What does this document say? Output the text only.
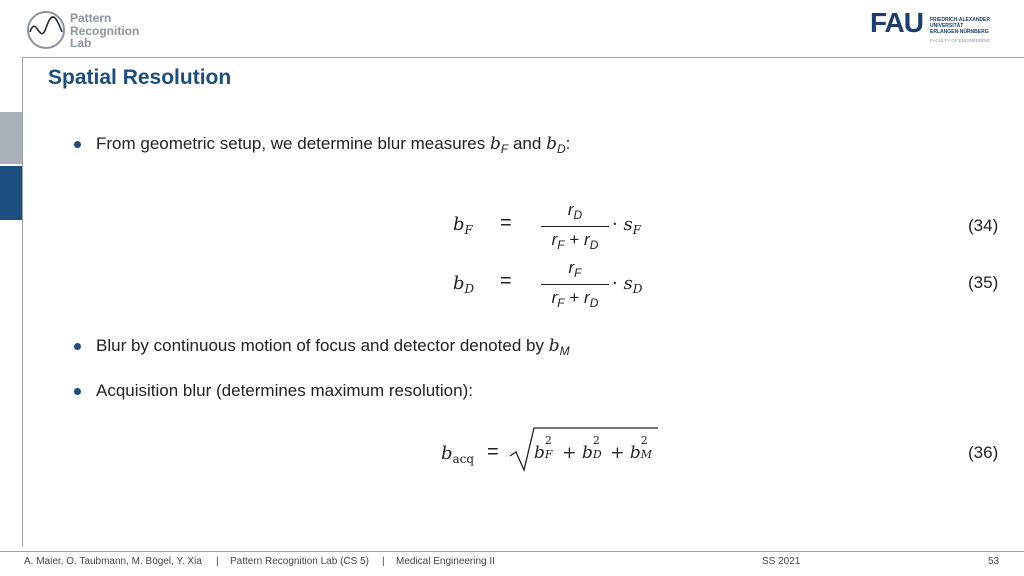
Pattern
Recognition
Lab
FAU FRIEDRICH-ALEXANDER
UNIVERSITÄT
ERLANGEN-NÜRNBERG
FACULTY OF ENGINEERING
Spatial Resolution
From geometric setup, we determine blur measures $b_F$ and $b_D$:
$b_F$ =
$r_D$
$r_F + r_D$
· $s_F$	(34)
$b_D$ =
$r_F$
$r_F + r_D$
· $s_D$	(35)
Blur by continuous motion of focus and detector denoted by $b_M$
Acquisition blur (determines maximum resolution):
$b_{acq} = b$
2
F + b
2
D + b
2
M	(36)
A. Maier, O. Taubmann, M. Bögel, Y. Xia | Pattern Recognition Lab (CS 5) | Medical Engineering II	SS 2021	53
